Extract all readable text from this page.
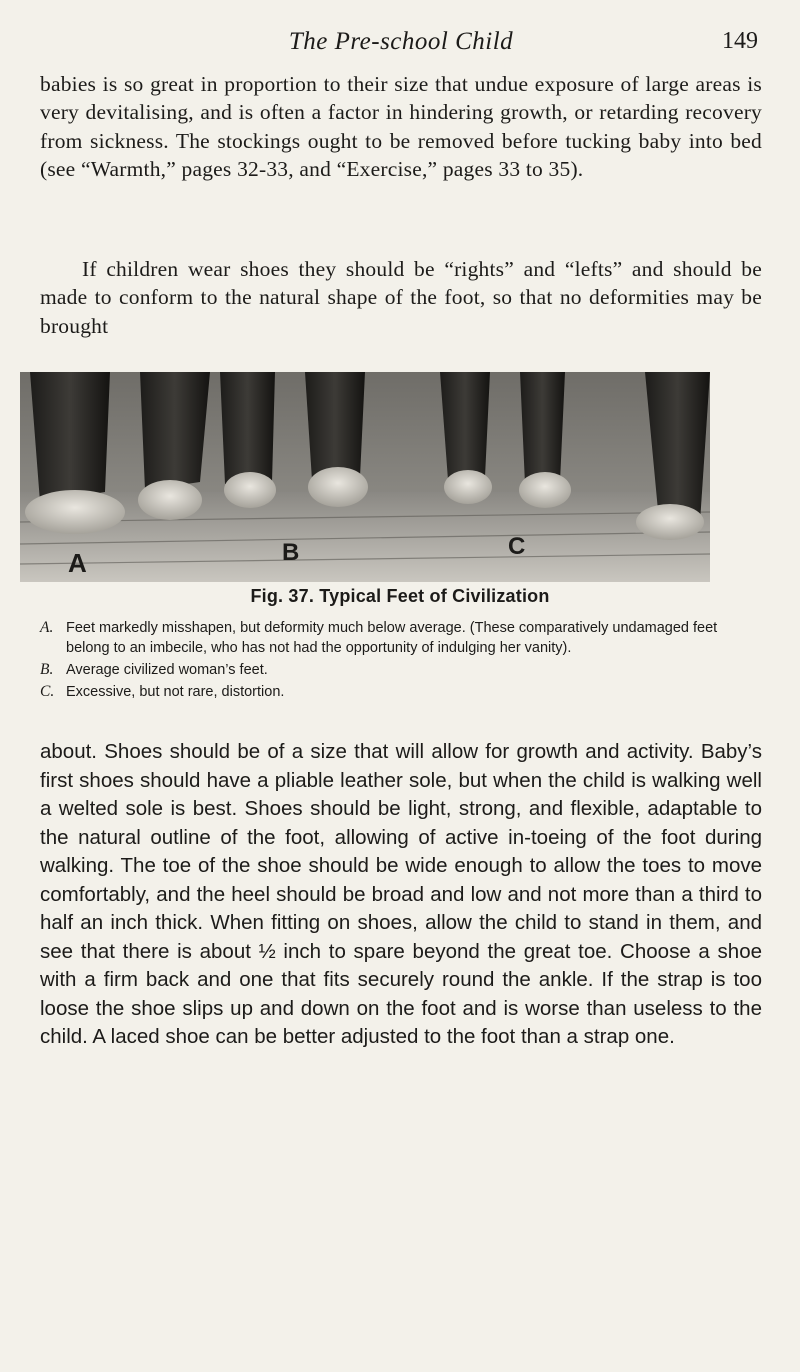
The Pre-school Child	149

babies is so great in proportion to their size that undue exposure of large areas is very devitalising, and is often a factor in hindering growth, or retarding recovery from sickness. The stockings ought to be removed before tucking baby into bed (see “Warmth,” pages 32-33, and “Exercise,” pages 33 to 35).

If children wear shoes they should be “rights” and “lefts” and should be made to conform to the natural shape of the foot, so that no deformities may be brought

A	B	C
Fig. 37. Typical Feet of Civilization
A. Feet markedly misshapen, but deformity much below average. (These comparatively undamaged feet belong to an imbecile, who has not had the opportunity of indulging her vanity).
B. Average civilized woman’s feet.
C. Excessive, but not rare, distortion.

about. Shoes should be of a size that will allow for growth and activity. Baby’s first shoes should have a pliable leather sole, but when the child is walking well a welted sole is best. Shoes should be light, strong, and flexible, adaptable to the natural outline of the foot, allowing of active in-toeing of the foot during walking. The toe of the shoe should be wide enough to allow the toes to move comfortably, and the heel should be broad and low and not more than a third to half an inch thick. When fitting on shoes, allow the child to stand in them, and see that there is about ½ inch to spare beyond the great toe. Choose a shoe with a firm back and one that fits securely round the ankle. If the strap is too loose the shoe slips up and down on the foot and is worse than useless to the child. A laced shoe can be better adjusted to the foot than a strap one.
